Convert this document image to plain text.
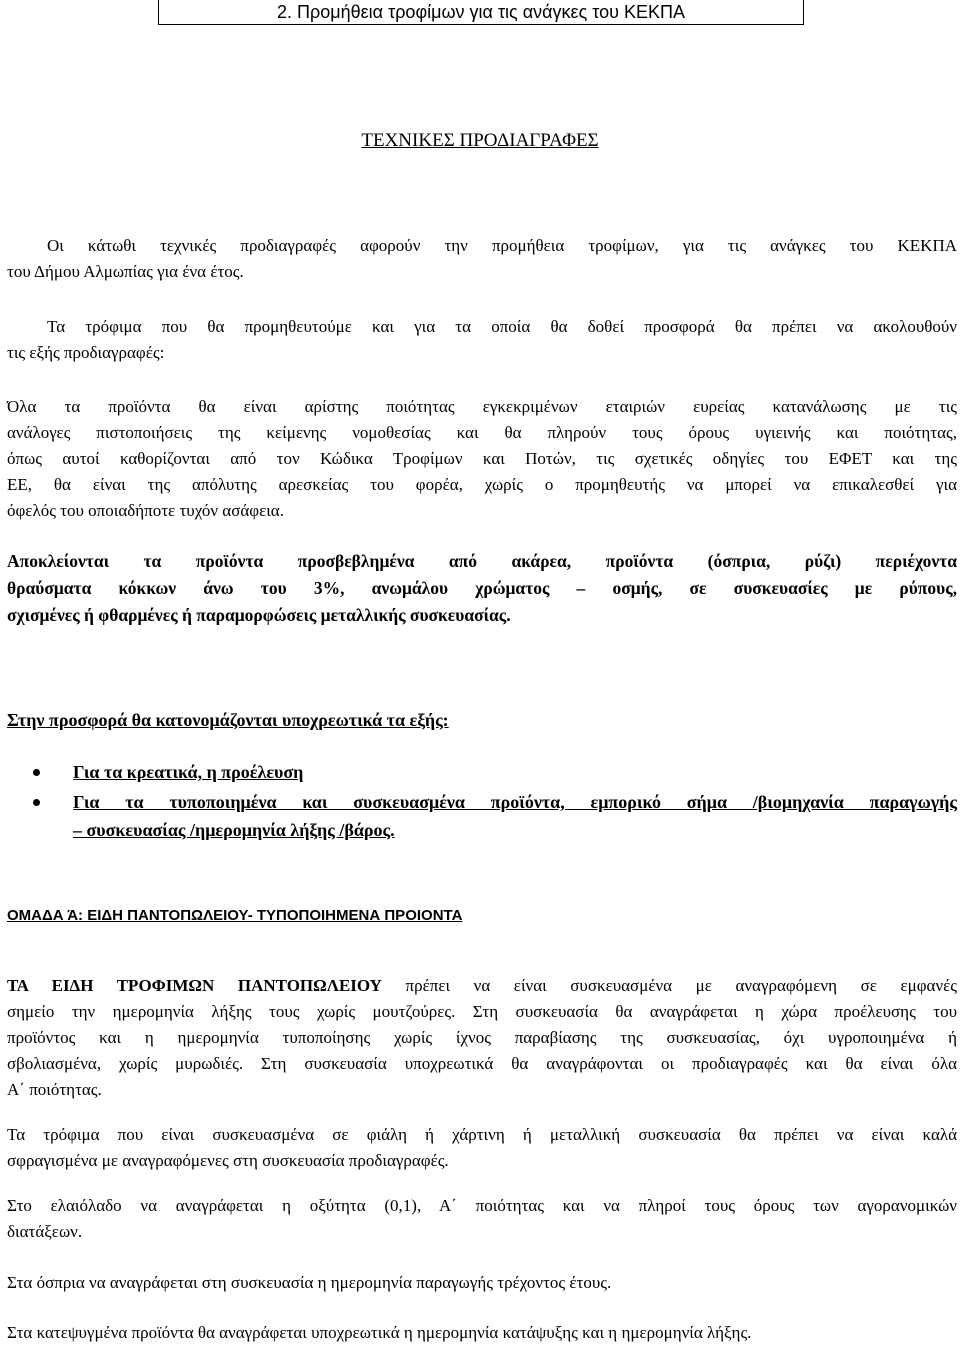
2. Προμήθεια τροφίμων για τις ανάγκες του ΚΕΚΠΑ
ΤΕΧΝΙΚΕΣ ΠΡΟΔΙΑΓΡΑΦΕΣ
Οι κάτωθι τεχνικές προδιαγραφές αφορούν την προμήθεια τροφίμων, για τις ανάγκες του ΚΕΚΠΑ
του Δήμου Αλμωπίας για ένα έτος.
Τα τρόφιμα που θα προμηθευτούμε και για τα οποία θα δοθεί προσφορά θα πρέπει να ακολουθούν
τις εξής προδιαγραφές:
Όλα τα προϊόντα θα είναι αρίστης ποιότητας εγκεκριμένων εταιριών ευρείας κατανάλωσης με τις
ανάλογες πιστοποιήσεις της κείμενης νομοθεσίας και θα πληρούν τους όρους υγιεινής και ποιότητας,
όπως αυτοί καθορίζονται από τον Κώδικα Τροφίμων και Ποτών, τις σχετικές οδηγίες του ΕΦΕΤ και της
ΕΕ, θα είναι της απόλυτης αρεσκείας του φορέα, χωρίς ο προμηθευτής να μπορεί να επικαλεσθεί για
όφελός του οποιαδήποτε τυχόν ασάφεια.
Αποκλείονται τα προϊόντα προσβεβλημένα από ακάρεα, προϊόντα (όσπρια, ρύζι) περιέχοντα
θραύσματα κόκκων άνω του 3%, ανωμάλου χρώματος – οσμής, σε συσκευασίες με ρύπους,
σχισμένες ή φθαρμένες ή παραμορφώσεις μεταλλικής συσκευασίας.
Στην προσφορά θα κατονομάζονται υποχρεωτικά τα εξής:
Για τα κρεατικά, η προέλευση
Για τα τυποποιημένα και συσκευασμένα προϊόντα, εμπορικό σήμα /βιομηχανία παραγωγής
– συσκευασίας /ημερομηνία λήξης /βάρος.
ΟΜΑΔΑ Ά: ΕΙΔΗ ΠΑΝΤΟΠΩΛΕΙΟΥ- ΤΥΠΟΠΟΙΗΜΕΝΑ ΠΡΟΙΟΝΤΑ
ΤΑ ΕΙΔΗ ΤΡΟΦΙΜΩΝ ΠΑΝΤΟΠΩΛΕΙΟΥ πρέπει να είναι συσκευασμένα με αναγραφόμενη σε εμφανές
σημείο την ημερομηνία λήξης τους χωρίς μουτζούρες. Στη συσκευασία θα αναγράφεται η χώρα προέλευσης του
προϊόντος και η ημερομηνία τυποποίησης χωρίς ίχνος παραβίασης της συσκευασίας, όχι υγροποιημένα ή
σβολιασμένα, χωρίς μυρωδιές. Στη συσκευασία υποχρεωτικά θα αναγράφονται οι προδιαγραφές και θα είναι όλα
Α΄ ποιότητας.
Τα τρόφιμα που είναι συσκευασμένα σε φιάλη ή χάρτινη ή μεταλλική συσκευασία θα πρέπει να είναι καλά
σφραγισμένα με αναγραφόμενες στη συσκευασία προδιαγραφές.
Στο ελαιόλαδο να αναγράφεται η οξύτητα (0,1), Α΄ ποιότητας και να πληροί τους όρους των αγορανομικών
διατάξεων.
Στα όσπρια να αναγράφεται στη συσκευασία η ημερομηνία παραγωγής τρέχοντος έτους.
Στα κατεψυγμένα προϊόντα θα αναγράφεται υποχρεωτικά η ημερομηνία κατάψυξης και η ημερομηνία λήξης.
